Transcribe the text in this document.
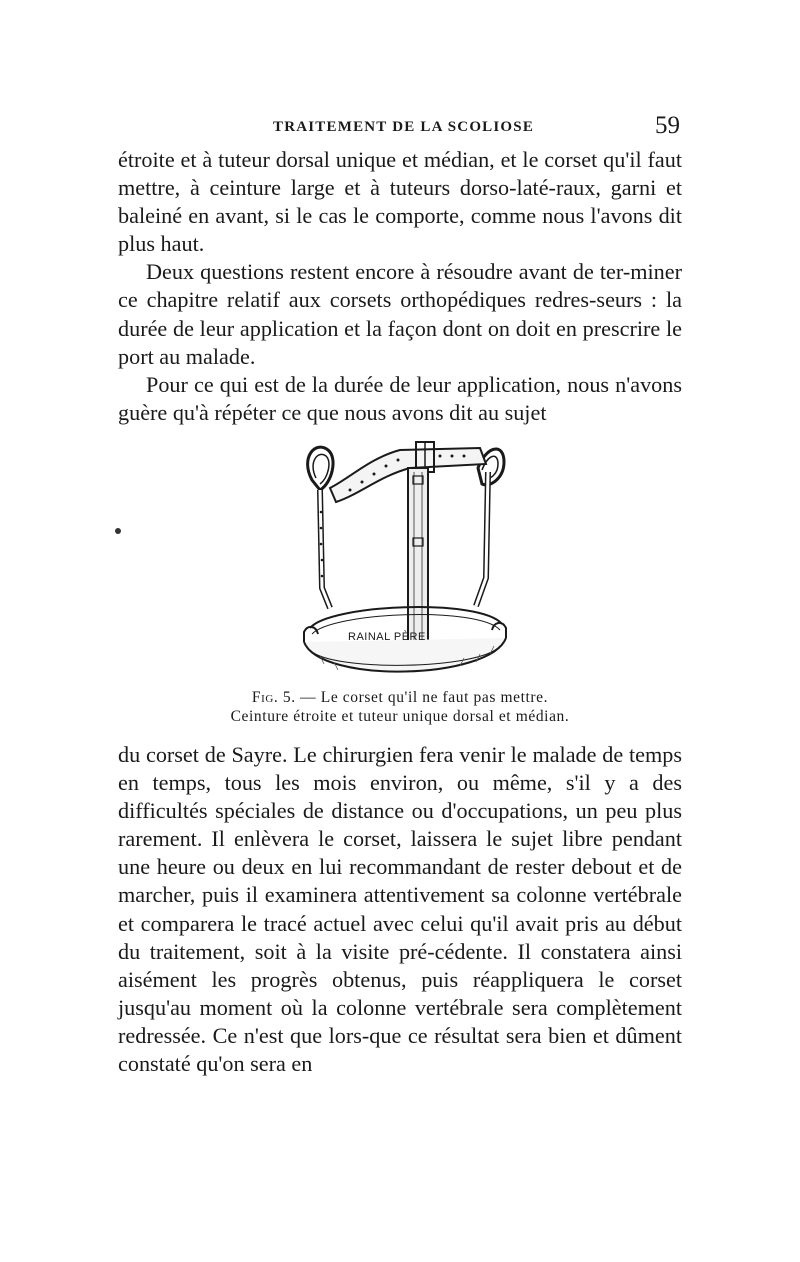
TRAITEMENT DE LA SCOLIOSE	59

étroite et à tuteur dorsal unique et médian, et le corset qu'il faut mettre, à ceinture large et à tuteurs dorso-laté-raux, garni et baleiné en avant, si le cas le comporte, comme nous l'avons dit plus haut.

Deux questions restent encore à résoudre avant de ter-miner ce chapitre relatif aux corsets orthopédiques redres-seurs : la durée de leur application et la façon dont on doit en prescrire le port au malade.

Pour ce qui est de la durée de leur application, nous n'avons guère qu'à répéter ce que nous avons dit au sujet

RAINAL PÈRE
Fig. 5. — Le corset qu'il ne faut pas mettre.
Ceinture étroite et tuteur unique dorsal et médian.

du corset de Sayre. Le chirurgien fera venir le malade de temps en temps, tous les mois environ, ou même, s'il y a des difficultés spéciales de distance ou d'occupations, un peu plus rarement. Il enlèvera le corset, laissera le sujet libre pendant une heure ou deux en lui recommandant de rester debout et de marcher, puis il examinera attentivement sa colonne vertébrale et comparera le tracé actuel avec celui qu'il avait pris au début du traitement, soit à la visite pré-cédente. Il constatera ainsi aisément les progrès obtenus, puis réappliquera le corset jusqu'au moment où la colonne vertébrale sera complètement redressée. Ce n'est que lors-que ce résultat sera bien et dûment constaté qu'on sera en
